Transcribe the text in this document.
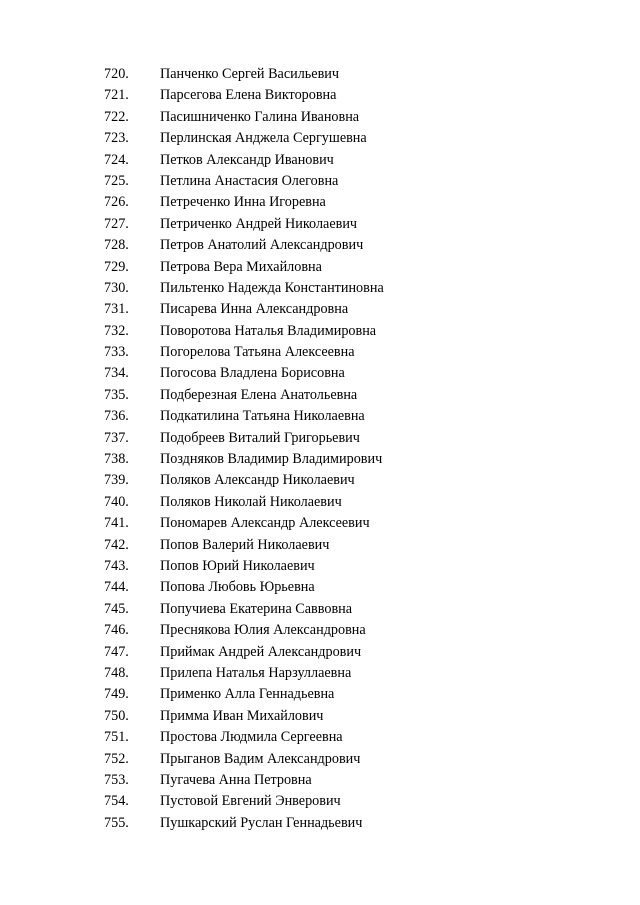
720.	Панченко Сергей Васильевич
721.	Парсегова Елена Викторовна
722.	Пасишниченко Галина Ивановна
723.	Перлинская Анджела Сергушевна
724.	Петков Александр Иванович
725.	Петлина Анастасия Олеговна
726.	Петреченко Инна Игоревна
727.	Петриченко Андрей Николаевич
728.	Петров Анатолий Александрович
729.	Петрова Вера Михайловна
730.	Пильтенко Надежда Константиновна
731.	Писарева Инна Александровна
732.	Поворотова Наталья Владимировна
733.	Погорелова Татьяна Алексеевна
734.	Погосова Владлена Борисовна
735.	Подберезная Елена Анатольевна
736.	Подкатилина Татьяна Николаевна
737.	Подобреев Виталий Григорьевич
738.	Поздняков Владимир Владимирович
739.	Поляков Александр Николаевич
740.	Поляков Николай Николаевич
741.	Пономарев Александр Алексеевич
742.	Попов Валерий Николаевич
743.	Попов Юрий Николаевич
744.	Попова Любовь Юрьевна
745.	Попучиева Екатерина Саввовна
746.	Преснякова Юлия Александровна
747.	Приймак Андрей Александрович
748.	Прилепа Наталья Нарзуллаевна
749.	Применко Алла Геннадьевна
750.	Примма Иван Михайлович
751.	Простова Людмила Сергеевна
752.	Прыганов Вадим Александрович
753.	Пугачева Анна Петровна
754.	Пустовой Евгений Энверович
755.	Пушкарский Руслан Геннадьевич
